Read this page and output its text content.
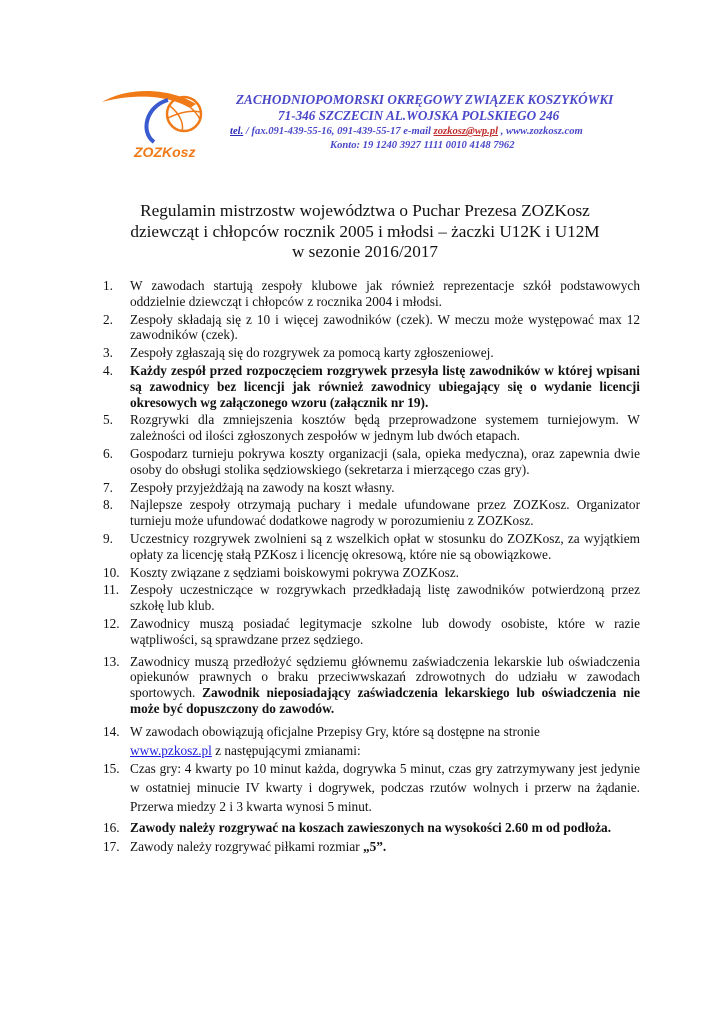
ZOZKosz
ZACHODNIOPOMORSKI OKRĘGOWY ZWIĄZEK KOSZYKÓWKI
71-346 SZCZECIN AL.WOJSKA POLSKIEGO 246
tel. / fax.091-439-55-16, 091-439-55-17 e-mail zozkosz@wp.pl , www.zozkosz.com
Konto: 19 1240 3927 1111 0010 4148 7962
Regulamin mistrzostw województwa o Puchar Prezesa ZOZKosz
dziewcząt i chłopców rocznik 2005 i młodsi – żaczki U12K i U12M
w sezonie 2016/2017
1. W zawodach startują zespoły klubowe jak również reprezentacje szkół podstawowych oddzielnie dziewcząt i chłopców z rocznika 2004 i młodsi.
2. Zespoły składają się z 10 i więcej zawodników (czek). W meczu może występować max 12 zawodników (czek).
3. Zespoły zgłaszają się do rozgrywek za pomocą karty zgłoszeniowej.
4. Każdy zespół przed rozpoczęciem rozgrywek przesyła listę zawodników w której wpisani są zawodnicy bez licencji jak również zawodnicy ubiegający się o wydanie licencji okresowych wg załączonego wzoru (załącznik nr 19).
5. Rozgrywki dla zmniejszenia kosztów będą przeprowadzone systemem turniejowym. W zależności od ilości zgłoszonych zespołów w jednym lub dwóch etapach.
6. Gospodarz turnieju pokrywa koszty organizacji (sala, opieka medyczna), oraz zapewnia dwie osoby do obsługi stolika sędziowskiego (sekretarza i mierzącego czas gry).
7. Zespoły przyjeżdżają na zawody na koszt własny.
8. Najlepsze zespoły otrzymają puchary i medale ufundowane przez ZOZKosz. Organizator turnieju może ufundować dodatkowe nagrody w porozumieniu z ZOZKosz.
9. Uczestnicy rozgrywek zwolnieni są z wszelkich opłat w stosunku do ZOZKosz, za wyjątkiem opłaty za licencję stałą PZKosz i licencję okresową, które nie są obowiązkowe.
10. Koszty związane z sędziami boiskowymi pokrywa ZOZKosz.
11. Zespoły uczestniczące w rozgrywkach przedkładają listę zawodników potwierdzoną przez szkołę lub klub.
12. Zawodnicy muszą posiadać legitymacje szkolne lub dowody osobiste, które w razie wątpliwości, są sprawdzane przez sędziego.
13. Zawodnicy muszą przedłożyć sędziemu głównemu zaświadczenia lekarskie lub oświadczenia opiekunów prawnych o braku przeciwwskazań zdrowotnych do udziału w zawodach sportowych. Zawodnik nieposiadający zaświadczenia lekarskiego lub oświadczenia nie może być dopuszczony do zawodów.
14. W zawodach obowiązują oficjalne Przepisy Gry, które są dostępne na stronie
www.pzkosz.pl z następującymi zmianami:
15. Czas gry: 4 kwarty po 10 minut każda, dogrywka 5 minut, czas gry zatrzymywany jest jedynie w ostatniej minucie IV kwarty i dogrywek, podczas rzutów wolnych i przerw na żądanie. Przerwa miedzy 2 i 3 kwarta wynosi 5 minut.
16. Zawody należy rozgrywać na koszach zawieszonych na wysokości 2.60 m od podłoża.
17. Zawody należy rozgrywać piłkami rozmiar „5”.
